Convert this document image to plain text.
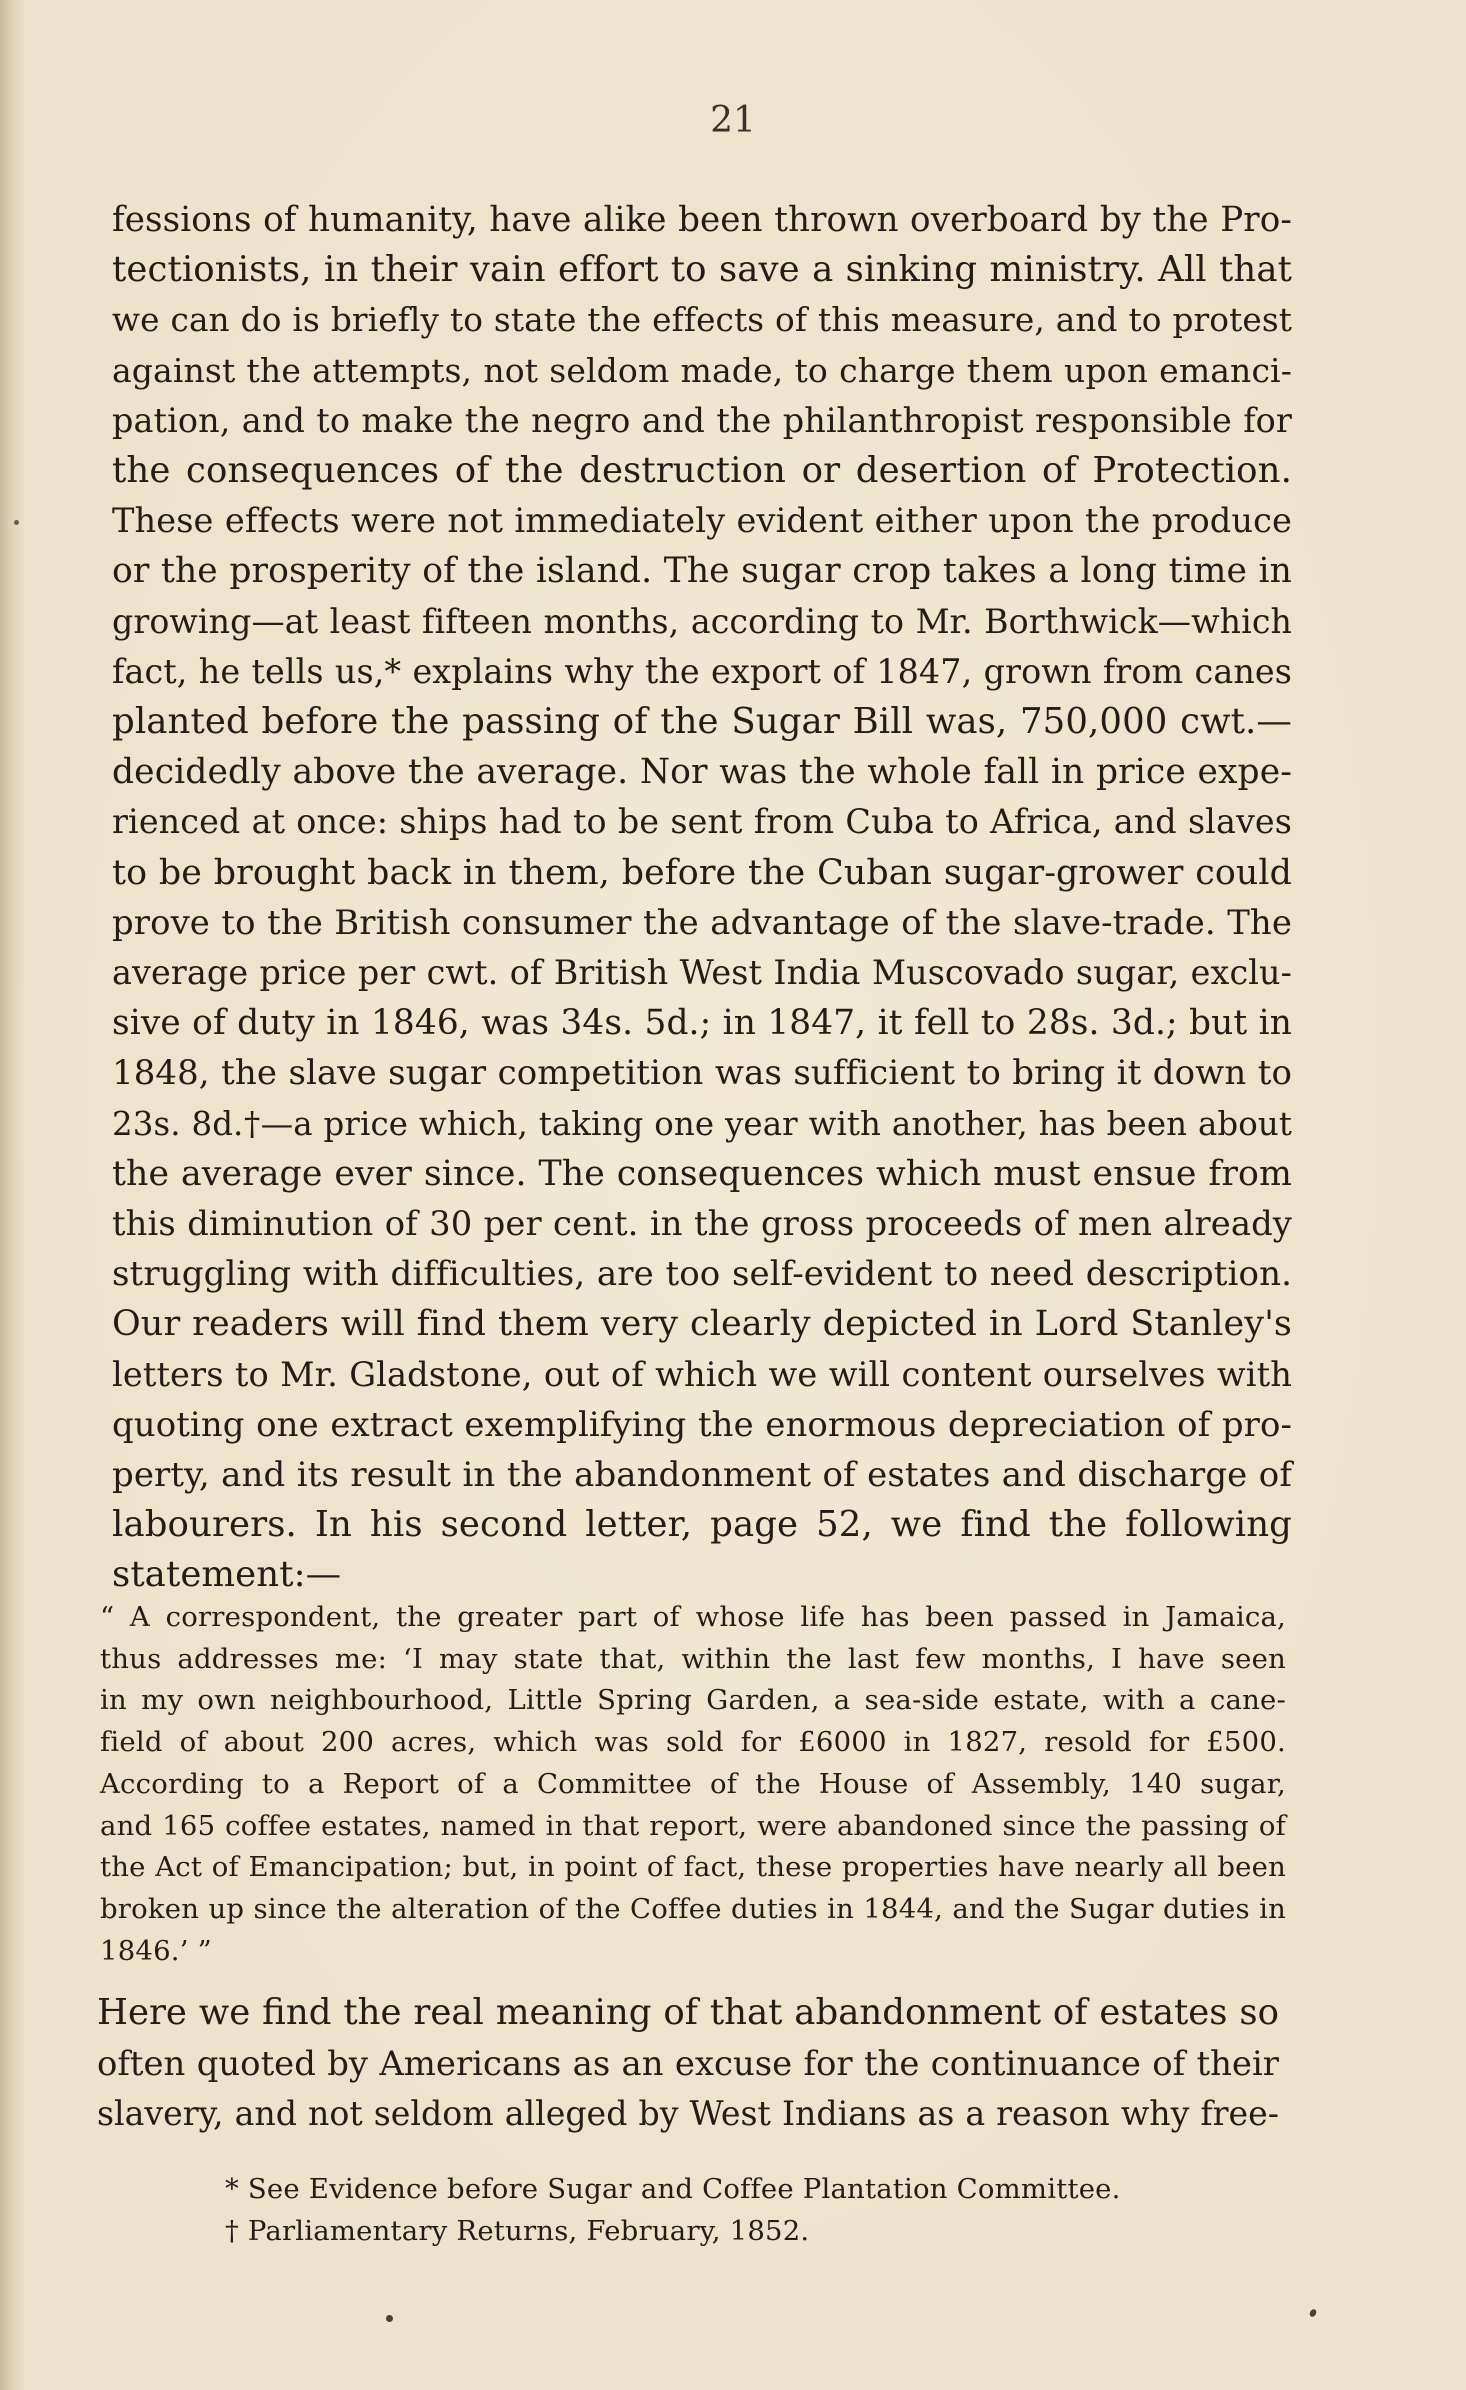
21
fessions of humanity, have alike been thrown overboard by the Pro-
tectionists, in their vain effort to save a sinking ministry. All that
we can do is briefly to state the effects of this measure, and to protest
against the attempts, not seldom made, to charge them upon emanci-
pation, and to make the negro and the philanthropist responsible for
the consequences of the destruction or desertion of Protection.
These effects were not immediately evident either upon the produce
or the prosperity of the island. The sugar crop takes a long time in
growing—at least fifteen months, according to Mr. Borthwick—which
fact, he tells us,* explains why the export of 1847, grown from canes
planted before the passing of the Sugar Bill was, 750,000 cwt.—
decidedly above the average. Nor was the whole fall in price expe-
rienced at once: ships had to be sent from Cuba to Africa, and slaves
to be brought back in them, before the Cuban sugar-grower could
prove to the British consumer the advantage of the slave-trade. The
average price per cwt. of British West India Muscovado sugar, exclu-
sive of duty in 1846, was 34s. 5d.; in 1847, it fell to 28s. 3d.; but in
1848, the slave sugar competition was sufficient to bring it down to
23s. 8d.†—a price which, taking one year with another, has been about
the average ever since. The consequences which must ensue from
this diminution of 30 per cent. in the gross proceeds of men already
struggling with difficulties, are too self-evident to need description.
Our readers will find them very clearly depicted in Lord Stanley's
letters to Mr. Gladstone, out of which we will content ourselves with
quoting one extract exemplifying the enormous depreciation of pro-
perty, and its result in the abandonment of estates and discharge of
labourers. In his second letter, page 52, we find the following
statement:—
“ A correspondent, the greater part of whose life has been passed in Jamaica,
thus addresses me: ‘I may state that, within the last few months, I have seen
in my own neighbourhood, Little Spring Garden, a sea-side estate, with a cane-
field of about 200 acres, which was sold for £6000 in 1827, resold for £500.
According to a Report of a Committee of the House of Assembly, 140 sugar,
and 165 coffee estates, named in that report, were abandoned since the passing of
the Act of Emancipation; but, in point of fact, these properties have nearly all been
broken up since the alteration of the Coffee duties in 1844, and the Sugar duties in
1846.’ ”
Here we find the real meaning of that abandonment of estates so
often quoted by Americans as an excuse for the continuance of their
slavery, and not seldom alleged by West Indians as a reason why free-
* See Evidence before Sugar and Coffee Plantation Committee.
† Parliamentary Returns, February, 1852.
